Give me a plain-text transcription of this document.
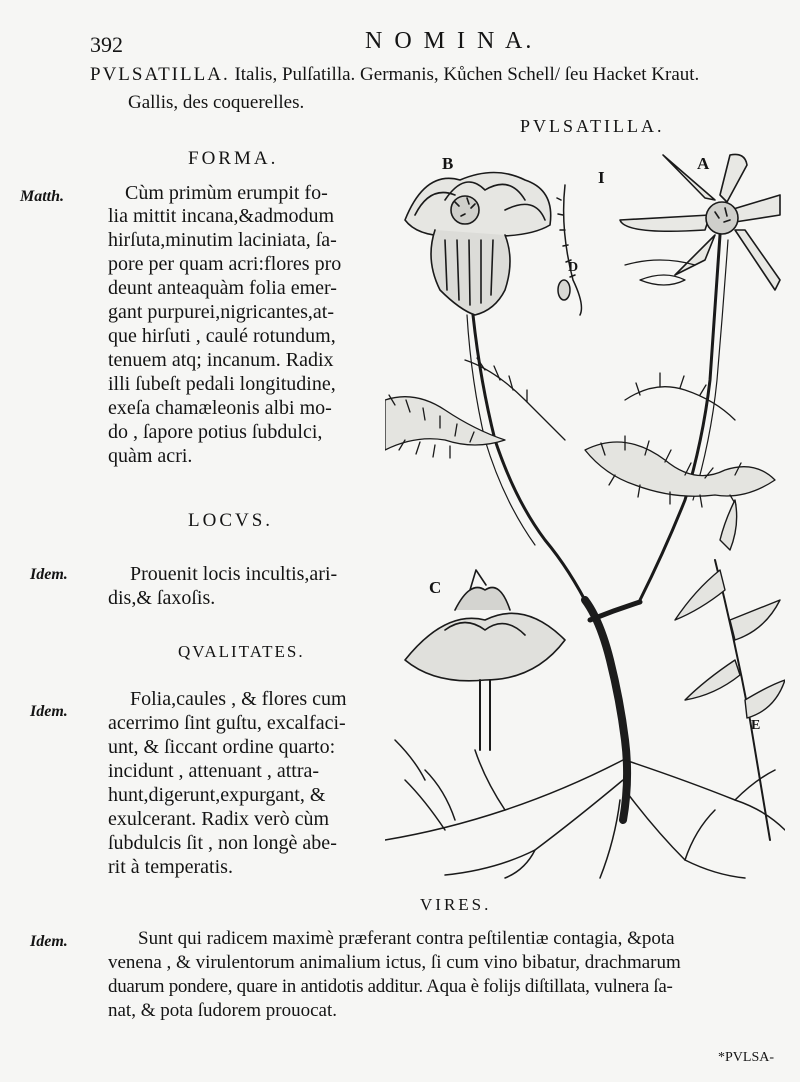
392	N O M I N A.
PVLSATILLA. Italis, Pulſatilla. Germanis, Kůchen Schell/ ſeu Hacket Kraut.
Gallis, des coquerelles.
PVLSATILLA.
FORMA.
Matth.	Cùm primùm erumpit fo-
lia mittit incana,&admodum
hirſuta,minutim laciniata, ſa-
pore per quam acri:flores pro
deunt anteaquàm folia emer-
gant purpurei,nigricantes,at-
que hirſuti , caulé rotundum,
tenuem atq; incanum. Radix
illi ſubeſt pedali longitudine,
exeſa chamæleonis albi mo-
do , ſapore potius ſubdulci,
quàm acri.
LOCVS.
Idem.	Prouenit locis incultis,ari-
dis,& ſaxoſis.
QVALITATES.
Idem.
Folia,caules , & flores cum
acerrimo ſint guſtu, excalfaci-
unt, & ſiccant ordine quarto:
incidunt , attenuant , attra-
hunt,digerunt,expurgant, &
exulcerant. Radix verò cùm
ſubdulcis ſit , non longè abe-
rit à temperatis.
VIRES.
Idem.	Sunt qui radicem maximè præferant contra peſtilentiæ contagia, &pota
venena , & virulentorum animalium ictus, ſi cum vino bibatur, drachmarum
duarum pondere, quare in antidotis additur. Aqua è folijs diſtillata, vulnera ſa-
nat, & pota ſudorem prouocat.
*PVLSA-
B
I
A
D
C
E
